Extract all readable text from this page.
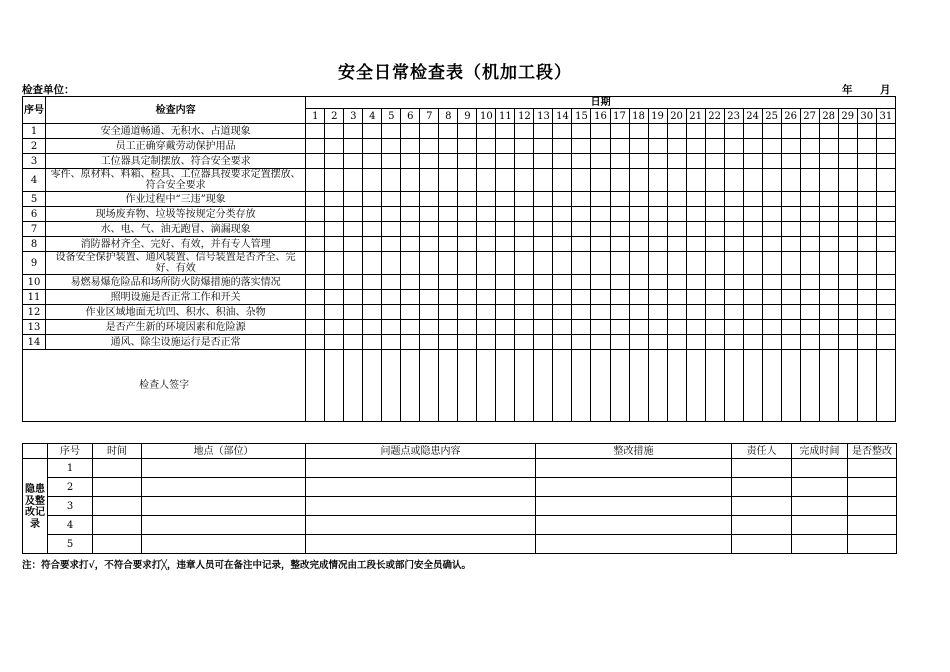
安全日常检查表（机加工段）
检查单位：	年	月
序号	检查内容	日期																														
		1	2	3	4	5	6	7	8	9	10	11	12	13	14	15	16	17	18	19	20	21	22	23	24	25	26	27	28	29	30	31
1	安全通道畅通、无积水、占道现象																															
2	员工正确穿戴劳动保护用品																															
3	工位器具定制摆放、符合安全要求																															
4	零件、原材料、料箱、检具、工位器具按要求定置摆放、符合安全要求																															
5	作业过程中“三违”现象																															
6	现场废弃物、垃圾等按规定分类存放																															
7	水、电、气、油无跑冒、滴漏现象																															
8	消防器材齐全、完好、有效，并有专人管理																															
9	设备安全保护装置、通风装置、信号装置是否齐全、完好、有效																															
10	易燃易爆危险品和场所防火防爆措施的落实情况																															
11	照明设施是否正常工作和开关																															
12	作业区域地面无坑凹、积水、积油、杂物																															
13	是否产生新的环境因素和危险源																															
14	通风、除尘设施运行是否正常																															
检查人签字																																
	序号	时间	地点（部位）	问题点或隐患内容	整改措施	责任人	完成时间	是否整改
隐患及整改记录	1							
	2							
	3							
	4							
	5							
注：符合要求打√，不符合要求打╳，违章人员可在备注中记录，整改完成情况由工段长或部门安全员确认。
